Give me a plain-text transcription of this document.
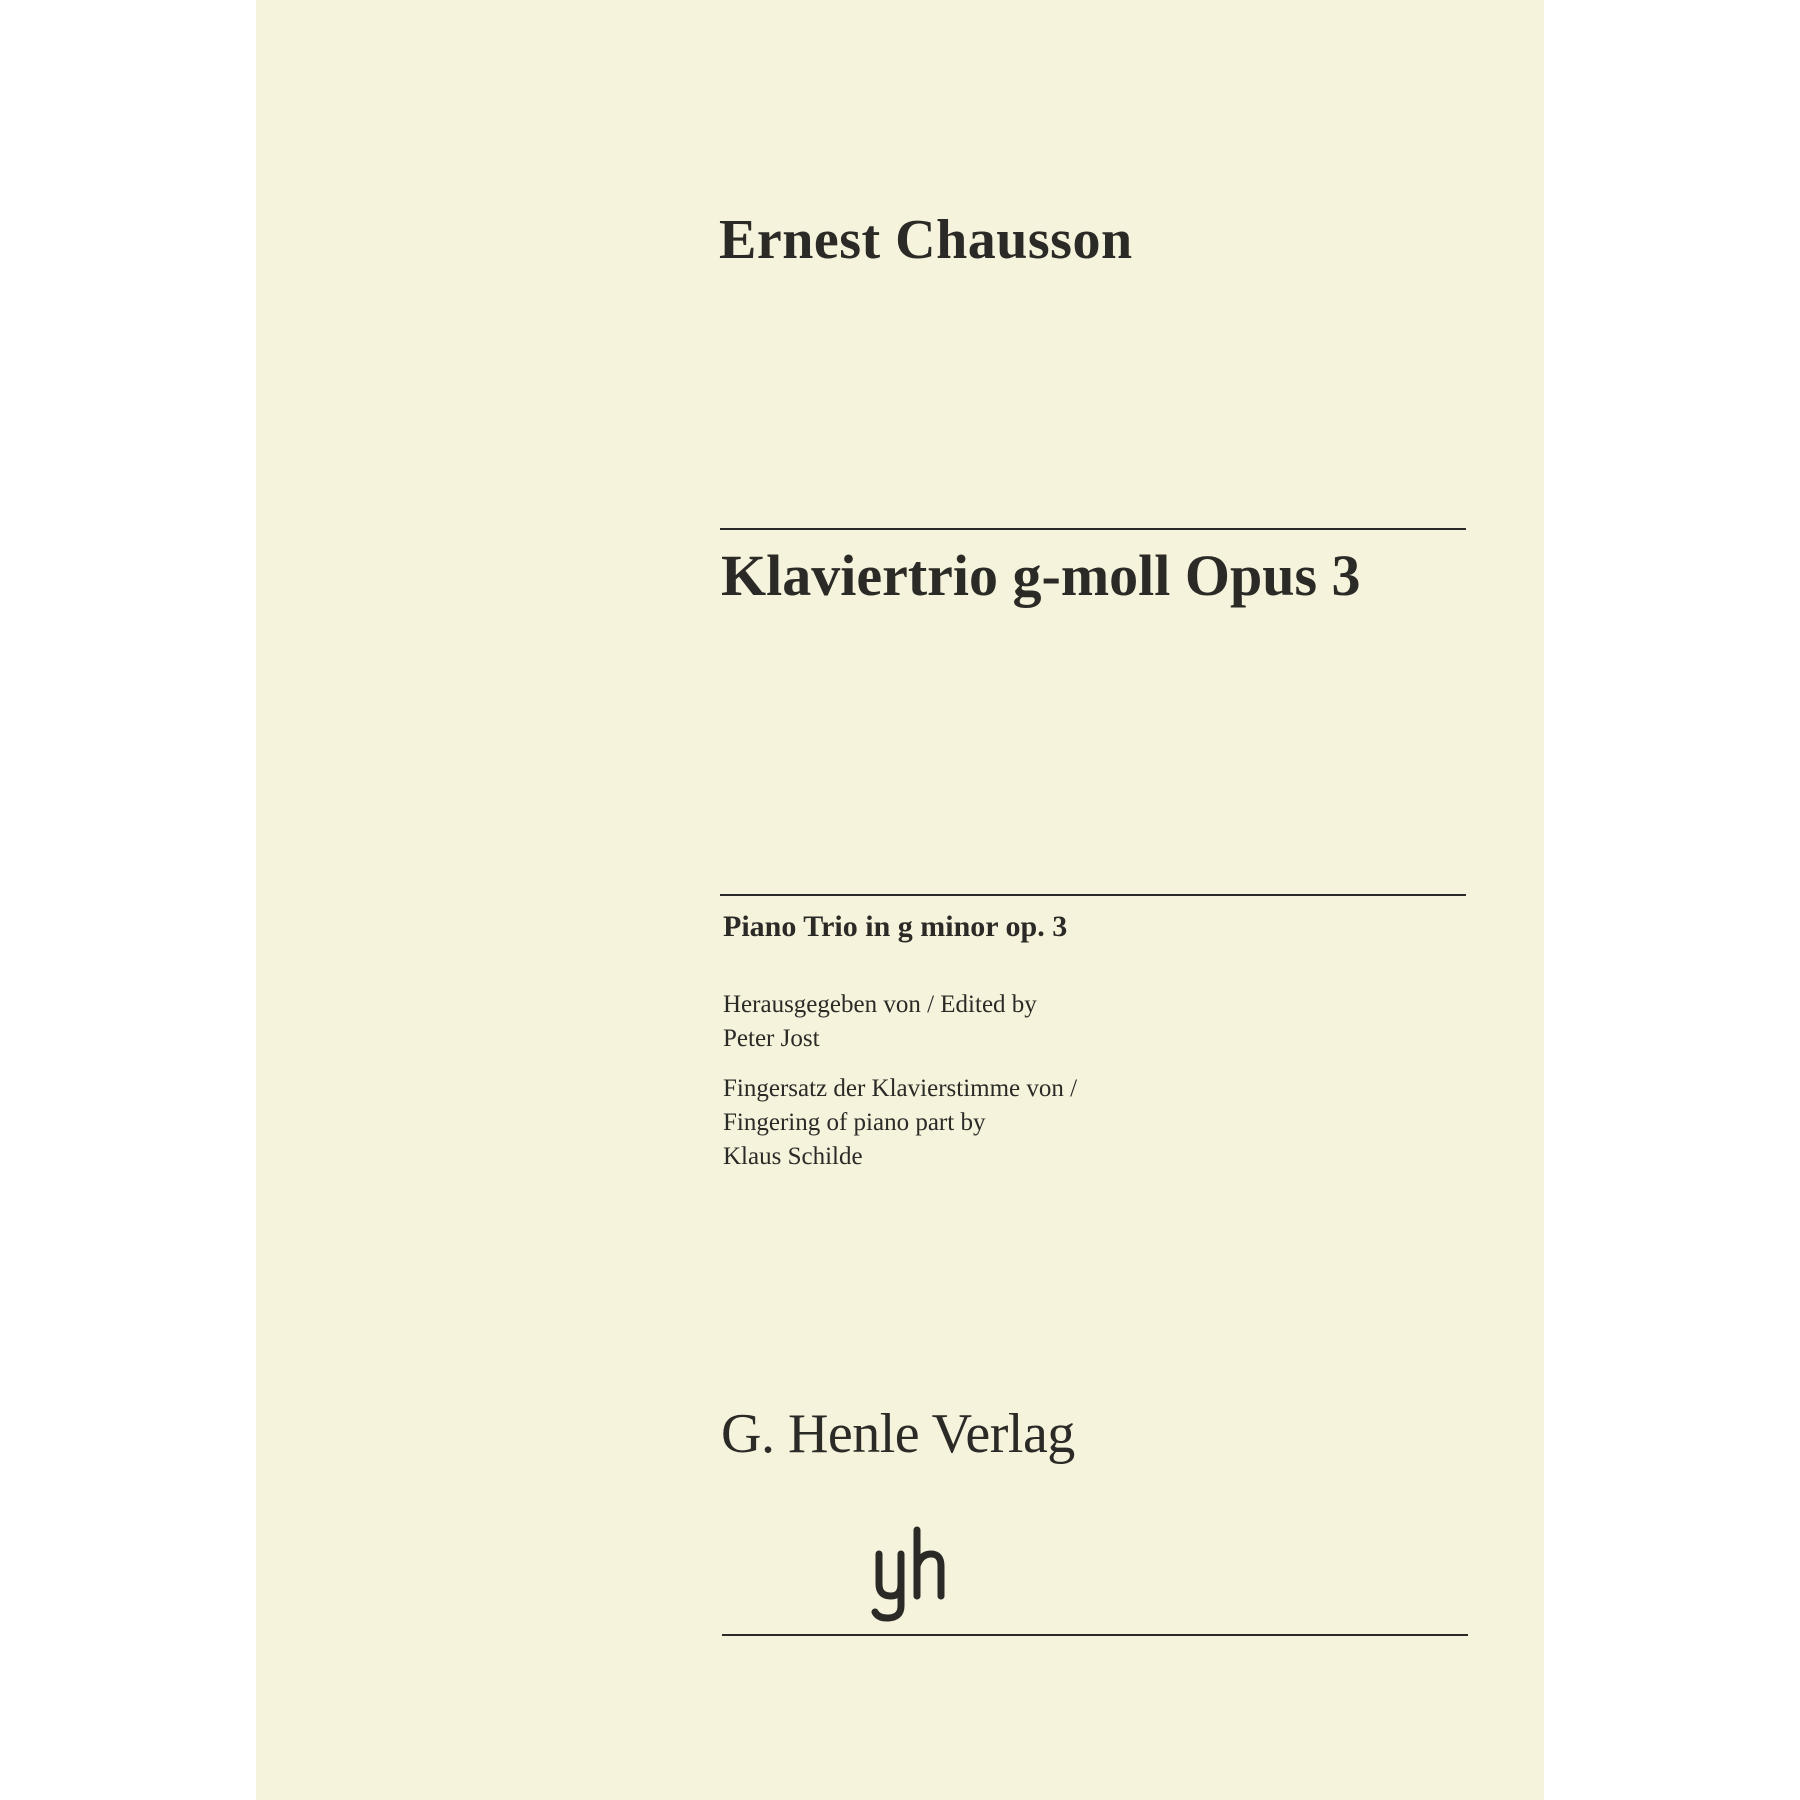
Ernest Chausson
Klaviertrio g-moll Opus 3
Piano Trio in g minor op. 3
Herausgegeben von / Edited by
Peter Jost
Fingersatz der Klavierstimme von /
Fingering of piano part by
Klaus Schilde
G. Henle Verlag
